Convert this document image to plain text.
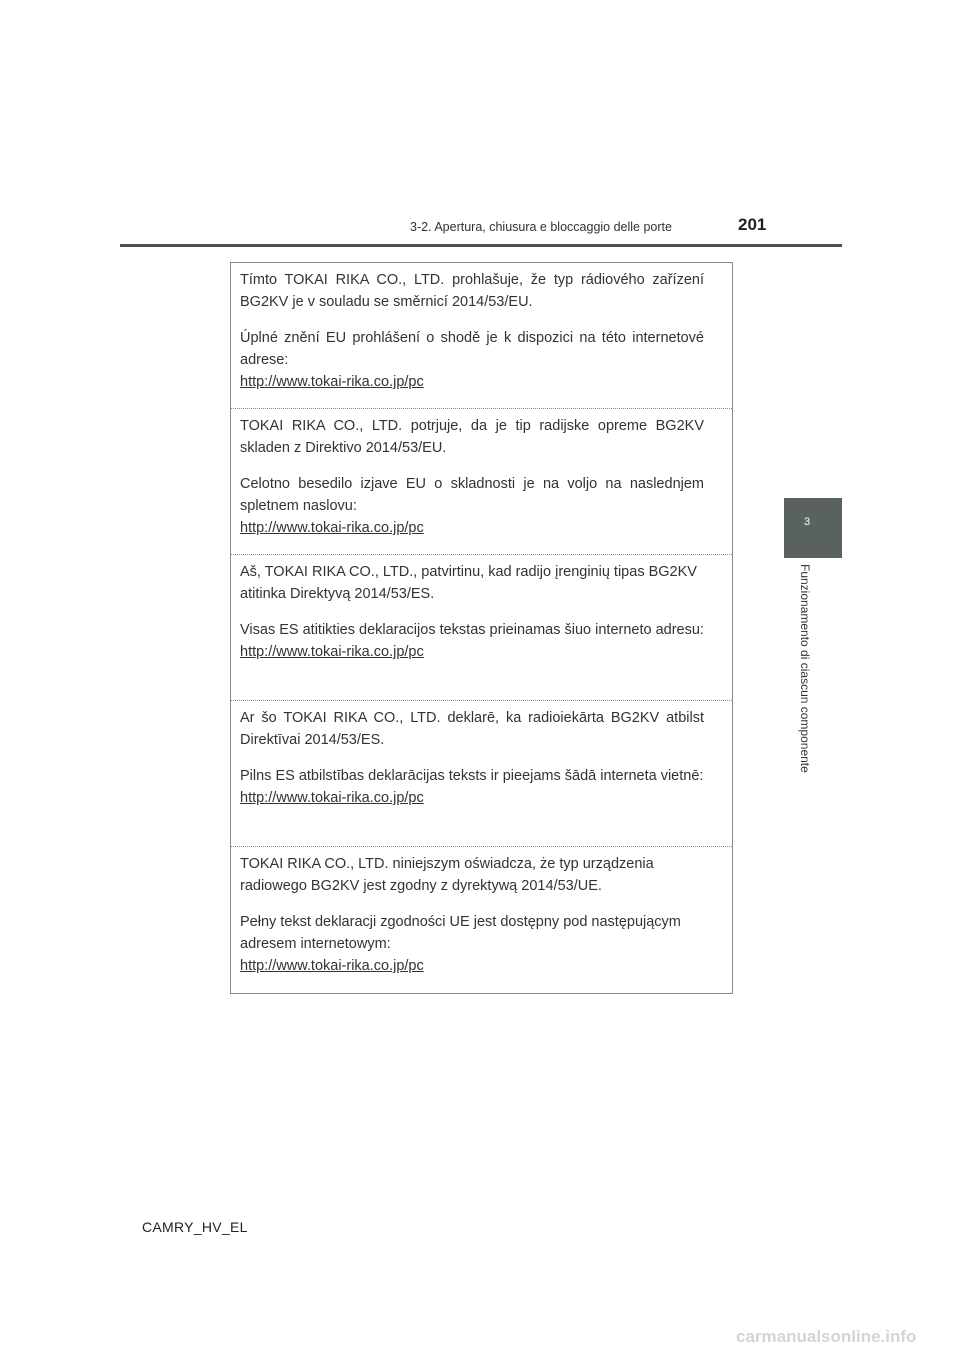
3-2. Apertura, chiusura e bloccaggio delle porte	201
3
Funzionamento di ciascun componente

Tímto TOKAI RIKA CO., LTD. prohlašuje, že typ rádiového zařízení BG2KV je v souladu se směrnicí 2014/53/EU.

Úplné znění EU prohlášení o shodě je k dispozici na této internetové adrese:

http://www.tokai-rika.co.jp/pc

TOKAI RIKA CO., LTD. potrjuje, da je tip radijske opreme BG2KV skladen z Direktivo 2014/53/EU.

Celotno besedilo izjave EU o skladnosti je na voljo na naslednjem spletnem naslovu:

http://www.tokai-rika.co.jp/pc

Aš, TOKAI RIKA CO., LTD., patvirtinu, kad radijo įrenginių tipas BG2KV atitinka Direktyvą 2014/53/ES.

Visas ES atitikties deklaracijos tekstas prieinamas šiuo interneto adresu:

http://www.tokai-rika.co.jp/pc

Ar šo TOKAI RIKA CO., LTD. deklarē, ka radioiekārta BG2KV atbilst Direktīvai 2014/53/ES.

Pilns ES atbilstības deklarācijas teksts ir pieejams šādā interneta vietnē:

http://www.tokai-rika.co.jp/pc

TOKAI RIKA CO., LTD. niniejszym oświadcza, że typ urządzenia radiowego BG2KV jest zgodny z dyrektywą 2014/53/UE.

Pełny tekst deklaracji zgodności UE jest dostępny pod następującym adresem internetowym:

http://www.tokai-rika.co.jp/pc
CAMRY_HV_EL
carmanualsonline.info
